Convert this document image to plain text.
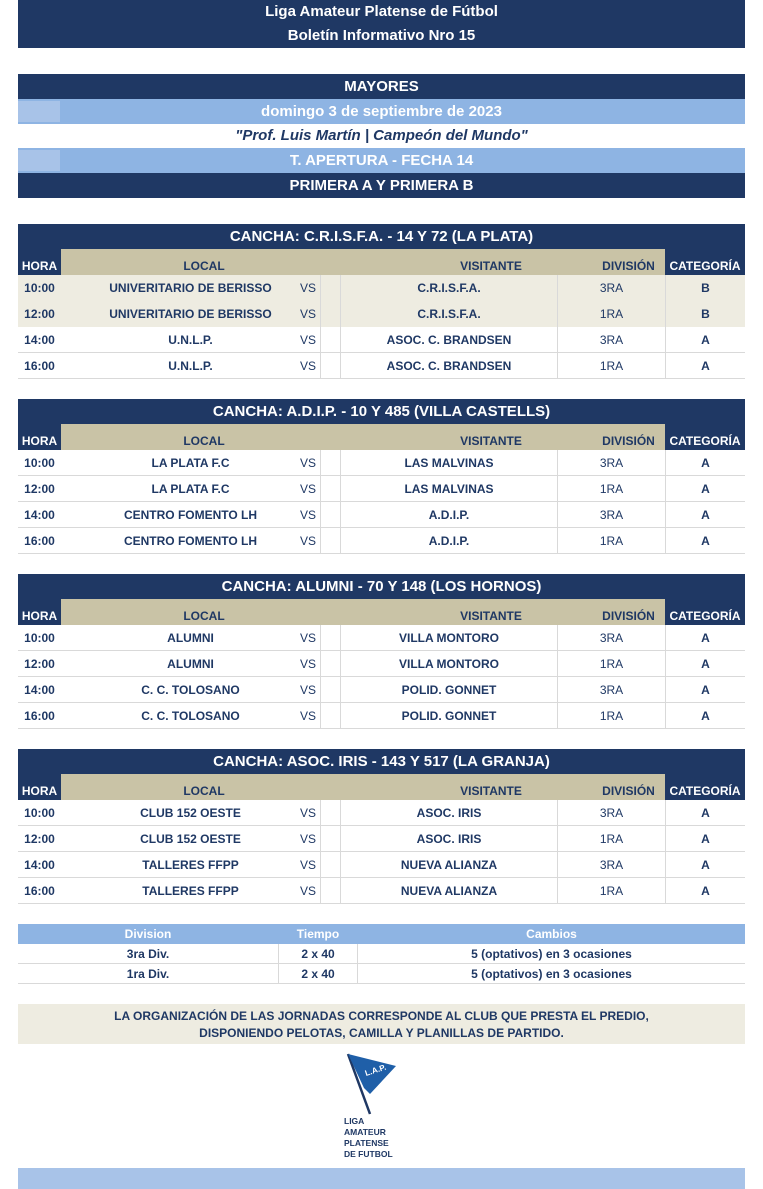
Liga Amateur Platense de Fútbol
Boletín Informativo Nro 15
MAYORES
domingo 3 de septiembre de 2023
"Prof. Luis Martín | Campeón del Mundo"
T. APERTURA - FECHA 14
PRIMERA A Y PRIMERA B
CANCHA: C.R.I.S.F.A. - 14 Y 72 (LA PLATA)
HORA	LOCAL	VISITANTE	DIVISIÓN	CATEGORÍA
10:00	UNIVERITARIO DE BERISSO	VS	C.R.I.S.F.A.	3RA	B
12:00	UNIVERITARIO DE BERISSO	VS	C.R.I.S.F.A.	1RA	B
14:00	U.N.L.P.	VS	ASOC. C. BRANDSEN	3RA	A
16:00	U.N.L.P.	VS	ASOC. C. BRANDSEN	1RA	A
CANCHA: A.D.I.P. - 10 Y 485 (VILLA CASTELLS)
HORA	LOCAL	VISITANTE	DIVISIÓN	CATEGORÍA
10:00	LA PLATA F.C	VS	LAS MALVINAS	3RA	A
12:00	LA PLATA F.C	VS	LAS MALVINAS	1RA	A
14:00	CENTRO FOMENTO LH	VS	A.D.I.P.	3RA	A
16:00	CENTRO FOMENTO LH	VS	A.D.I.P.	1RA	A
CANCHA: ALUMNI - 70 Y 148 (LOS HORNOS)
HORA	LOCAL	VISITANTE	DIVISIÓN	CATEGORÍA
10:00	ALUMNI	VS	VILLA MONTORO	3RA	A
12:00	ALUMNI	VS	VILLA MONTORO	1RA	A
14:00	C. C. TOLOSANO	VS	POLID. GONNET	3RA	A
16:00	C. C. TOLOSANO	VS	POLID. GONNET	1RA	A
CANCHA: ASOC. IRIS - 143 Y 517 (LA GRANJA)
HORA	LOCAL	VISITANTE	DIVISIÓN	CATEGORÍA
10:00	CLUB 152 OESTE	VS	ASOC. IRIS	3RA	A
12:00	CLUB 152 OESTE	VS	ASOC. IRIS	1RA	A
14:00	TALLERES FFPP	VS	NUEVA ALIANZA	3RA	A
16:00	TALLERES FFPP	VS	NUEVA ALIANZA	1RA	A
Division	Tiempo	Cambios
3ra Div.	2 x 40	5 (optativos) en 3 ocasiones
1ra Div.	2 x 40	5 (optativos) en 3 ocasiones
LA ORGANIZACIÓN DE LAS JORNADAS CORRESPONDE AL CLUB QUE PRESTA EL PREDIO,
DISPONIENDO PELOTAS, CAMILLA Y PLANILLAS DE PARTIDO.
L.A.P.
LIGA
AMATEUR
PLATENSE
DE FUTBOL
